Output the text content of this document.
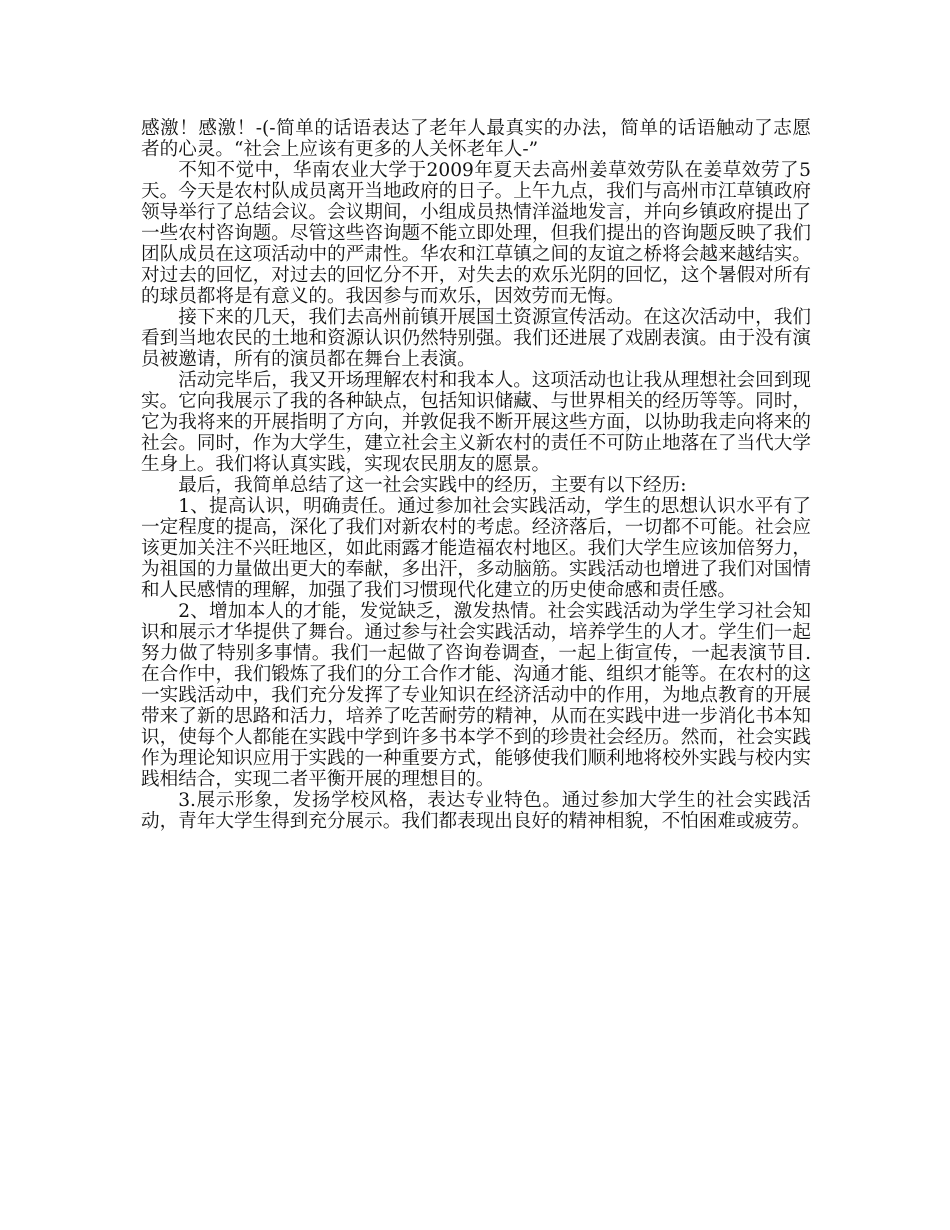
感激！感激！-(-简单的话语表达了老年人最真实的办法，简单的话语触动了志愿者的心灵。“社会上应该有更多的人关怀老年人-”

不知不觉中，华南农业大学于2009年夏天去高州姜草效劳队在姜草效劳了5天。今天是农村队成员离开当地政府的日子。上午九点，我们与高州市江草镇政府领导举行了总结会议。会议期间，小组成员热情洋溢地发言，并向乡镇政府提出了一些农村咨询题。尽管这些咨询题不能立即处理，但我们提出的咨询题反映了我们团队成员在这项活动中的严肃性。华农和江草镇之间的友谊之桥将会越来越结实。对过去的回忆，对过去的回忆分不开，对失去的欢乐光阴的回忆，这个暑假对所有的球员都将是有意义的。我因参与而欢乐，因效劳而无悔。

接下来的几天，我们去高州前镇开展国土资源宣传活动。在这次活动中，我们看到当地农民的土地和资源认识仍然特别强。我们还进展了戏剧表演。由于没有演员被邀请，所有的演员都在舞台上表演。

活动完毕后，我又开场理解农村和我本人。这项活动也让我从理想社会回到现实。它向我展示了我的各种缺点，包括知识储藏、与世界相关的经历等等。同时，它为我将来的开展指明了方向，并敦促我不断开展这些方面，以协助我走向将来的社会。同时，作为大学生，建立社会主义新农村的责任不可防止地落在了当代大学生身上。我们将认真实践，实现农民朋友的愿景。

最后，我简单总结了这一社会实践中的经历，主要有以下经历:

1、提高认识，明确责任。通过参加社会实践活动，学生的思想认识水平有了一定程度的提高，深化了我们对新农村的考虑。经济落后，一切都不可能。社会应该更加关注不兴旺地区，如此雨露才能造福农村地区。我们大学生应该加倍努力，为祖国的力量做出更大的奉献，多出汗，多动脑筋。实践活动也增进了我们对国情和人民感情的理解，加强了我们习惯现代化建立的历史使命感和责任感。

2、增加本人的才能，发觉缺乏，激发热情。社会实践活动为学生学习社会知识和展示才华提供了舞台。通过参与社会实践活动，培养学生的人才。学生们一起努力做了特别多事情。我们一起做了咨询卷调查，一起上街宣传，一起表演节目.在合作中，我们锻炼了我们的分工合作才能、沟通才能、组织才能等。在农村的这一实践活动中，我们充分发挥了专业知识在经济活动中的作用，为地点教育的开展带来了新的思路和活力，培养了吃苦耐劳的精神，从而在实践中进一步消化书本知识，使每个人都能在实践中学到许多书本学不到的珍贵社会经历。然而，社会实践作为理论知识应用于实践的一种重要方式，能够使我们顺利地将校外实践与校内实践相结合，实现二者平衡开展的理想目的。

3.展示形象，发扬学校风格，表达专业特色。通过参加大学生的社会实践活动，青年大学生得到充分展示。我们都表现出良好的精神相貌，不怕困难或疲劳。
